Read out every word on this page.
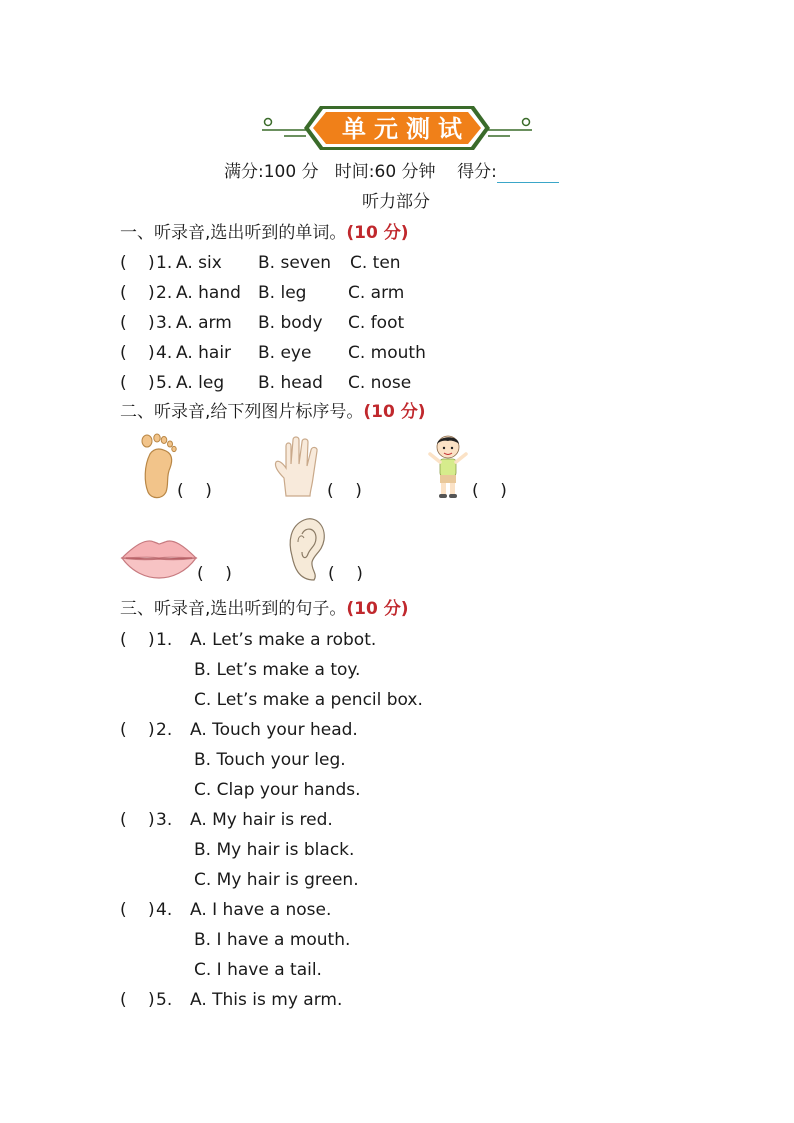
单 元 测 试
满分:100 分   时间:60 分钟    得分:
听力部分
一、听录音,选出听到的单词。(10 分)
( ) 1. A. six B. seven C. ten
( ) 2. A. hand B. leg C. arm
( ) 3. A. arm B. body C. foot
( ) 4. A. hair B. eye C. mouth
( ) 5. A. leg B. head C. nose
二、听录音,给下列图片标序号。(10 分)
(    )	(    )	(    )
(    )	(    )
三、听录音,选出听到的句子。(10 分)
( ) 1. A. Let’s make a robot.
B. Let’s make a toy.
C. Let’s make a pencil box.
( ) 2. A. Touch your head.
B. Touch your leg.
C. Clap your hands.
( ) 3. A. My hair is red.
B. My hair is black.
C. My hair is green.
( ) 4. A. I have a nose.
B. I have a mouth.
C. I have a tail.
( ) 5. A. This is my arm.
